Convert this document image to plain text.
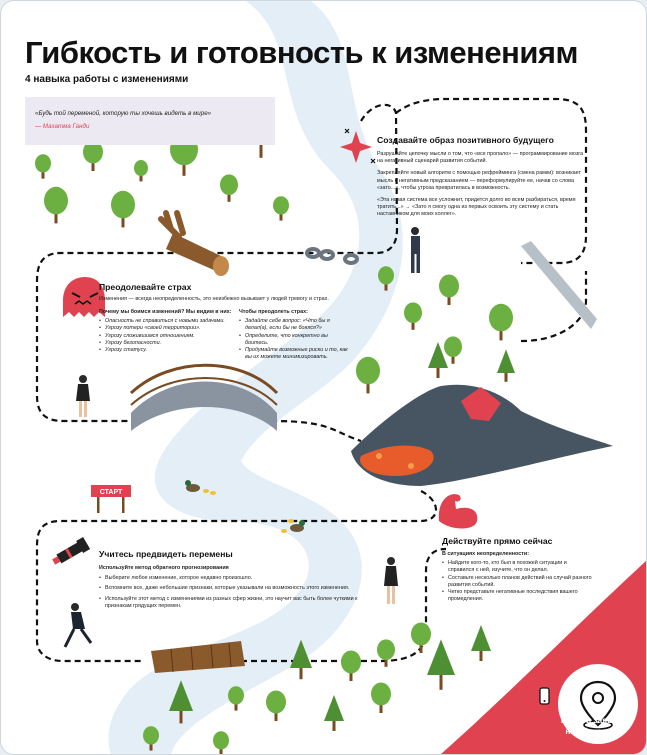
СТАРТ
Гибкость и готовность к изменениям

4 навыка работы с изменениями

«Будь той переменой, которую ты хочешь видеть в мире»
— Махатма Ганди

Создавайте образ позитивного будущего

Разрушайте цепочку мысли о том, что «все пропало» — программирование мозга на негативный сценарий развития событий.
Закрепляйте новый алгоритм с помощью рефрейминга (смена рамки): возникает мысль с негативным предсказанием — переформулируйте ее, начав со слова «зато...», чтобы угроза превратилась в возможность.
«Эта новая система все усложнит, придется долго во всем разбираться, время тратить...» → «Зато я смогу одна из первых освоить эту систему и стать наставником для моих коллег».

Преодолевайте страх

Изменения — всегда неопределенность, это неизбежно вызывает у людей тревогу и страх.
Почему мы боимся изменений? Мы видим в них:
• Опасность не справиться с новыми задачами.
• Угрозу потери «своей территории».
• Угрозу сложившимся отношениям.
• Угрозу безопасности.
• Угрозу статусу.
Чтобы преодолеть страх:
• Задайте себе вопрос: «Что бы я делал(а), если бы не боялся?»
• Определите, что конкретно вы боитесь.
• Продумайте возможные риски и то, как вы их можете минимизировать.

Учитесь предвидеть перемены

Используйте метод обратного прогнозирования
• Выберите любое изменение, которое недавно произошло.
• Вспомните все, даже небольшие признаки, которые указывали на возможность этого изменения.
• Используйте этот метод с изменениями из разных сфер жизни, это научит вас быть более чуткими к признакам грядущих перемен.

Действуйте прямо сейчас

В ситуациях неопределенности:
• Найдите кого-то, кто был в похожей ситуации и справился с ней, изучите, что он делал.
• Составьте несколько планов действий на случай разного развития событий.
• Четко представьте негативные последствия вашего промедления.
Подать заявку на обучение
